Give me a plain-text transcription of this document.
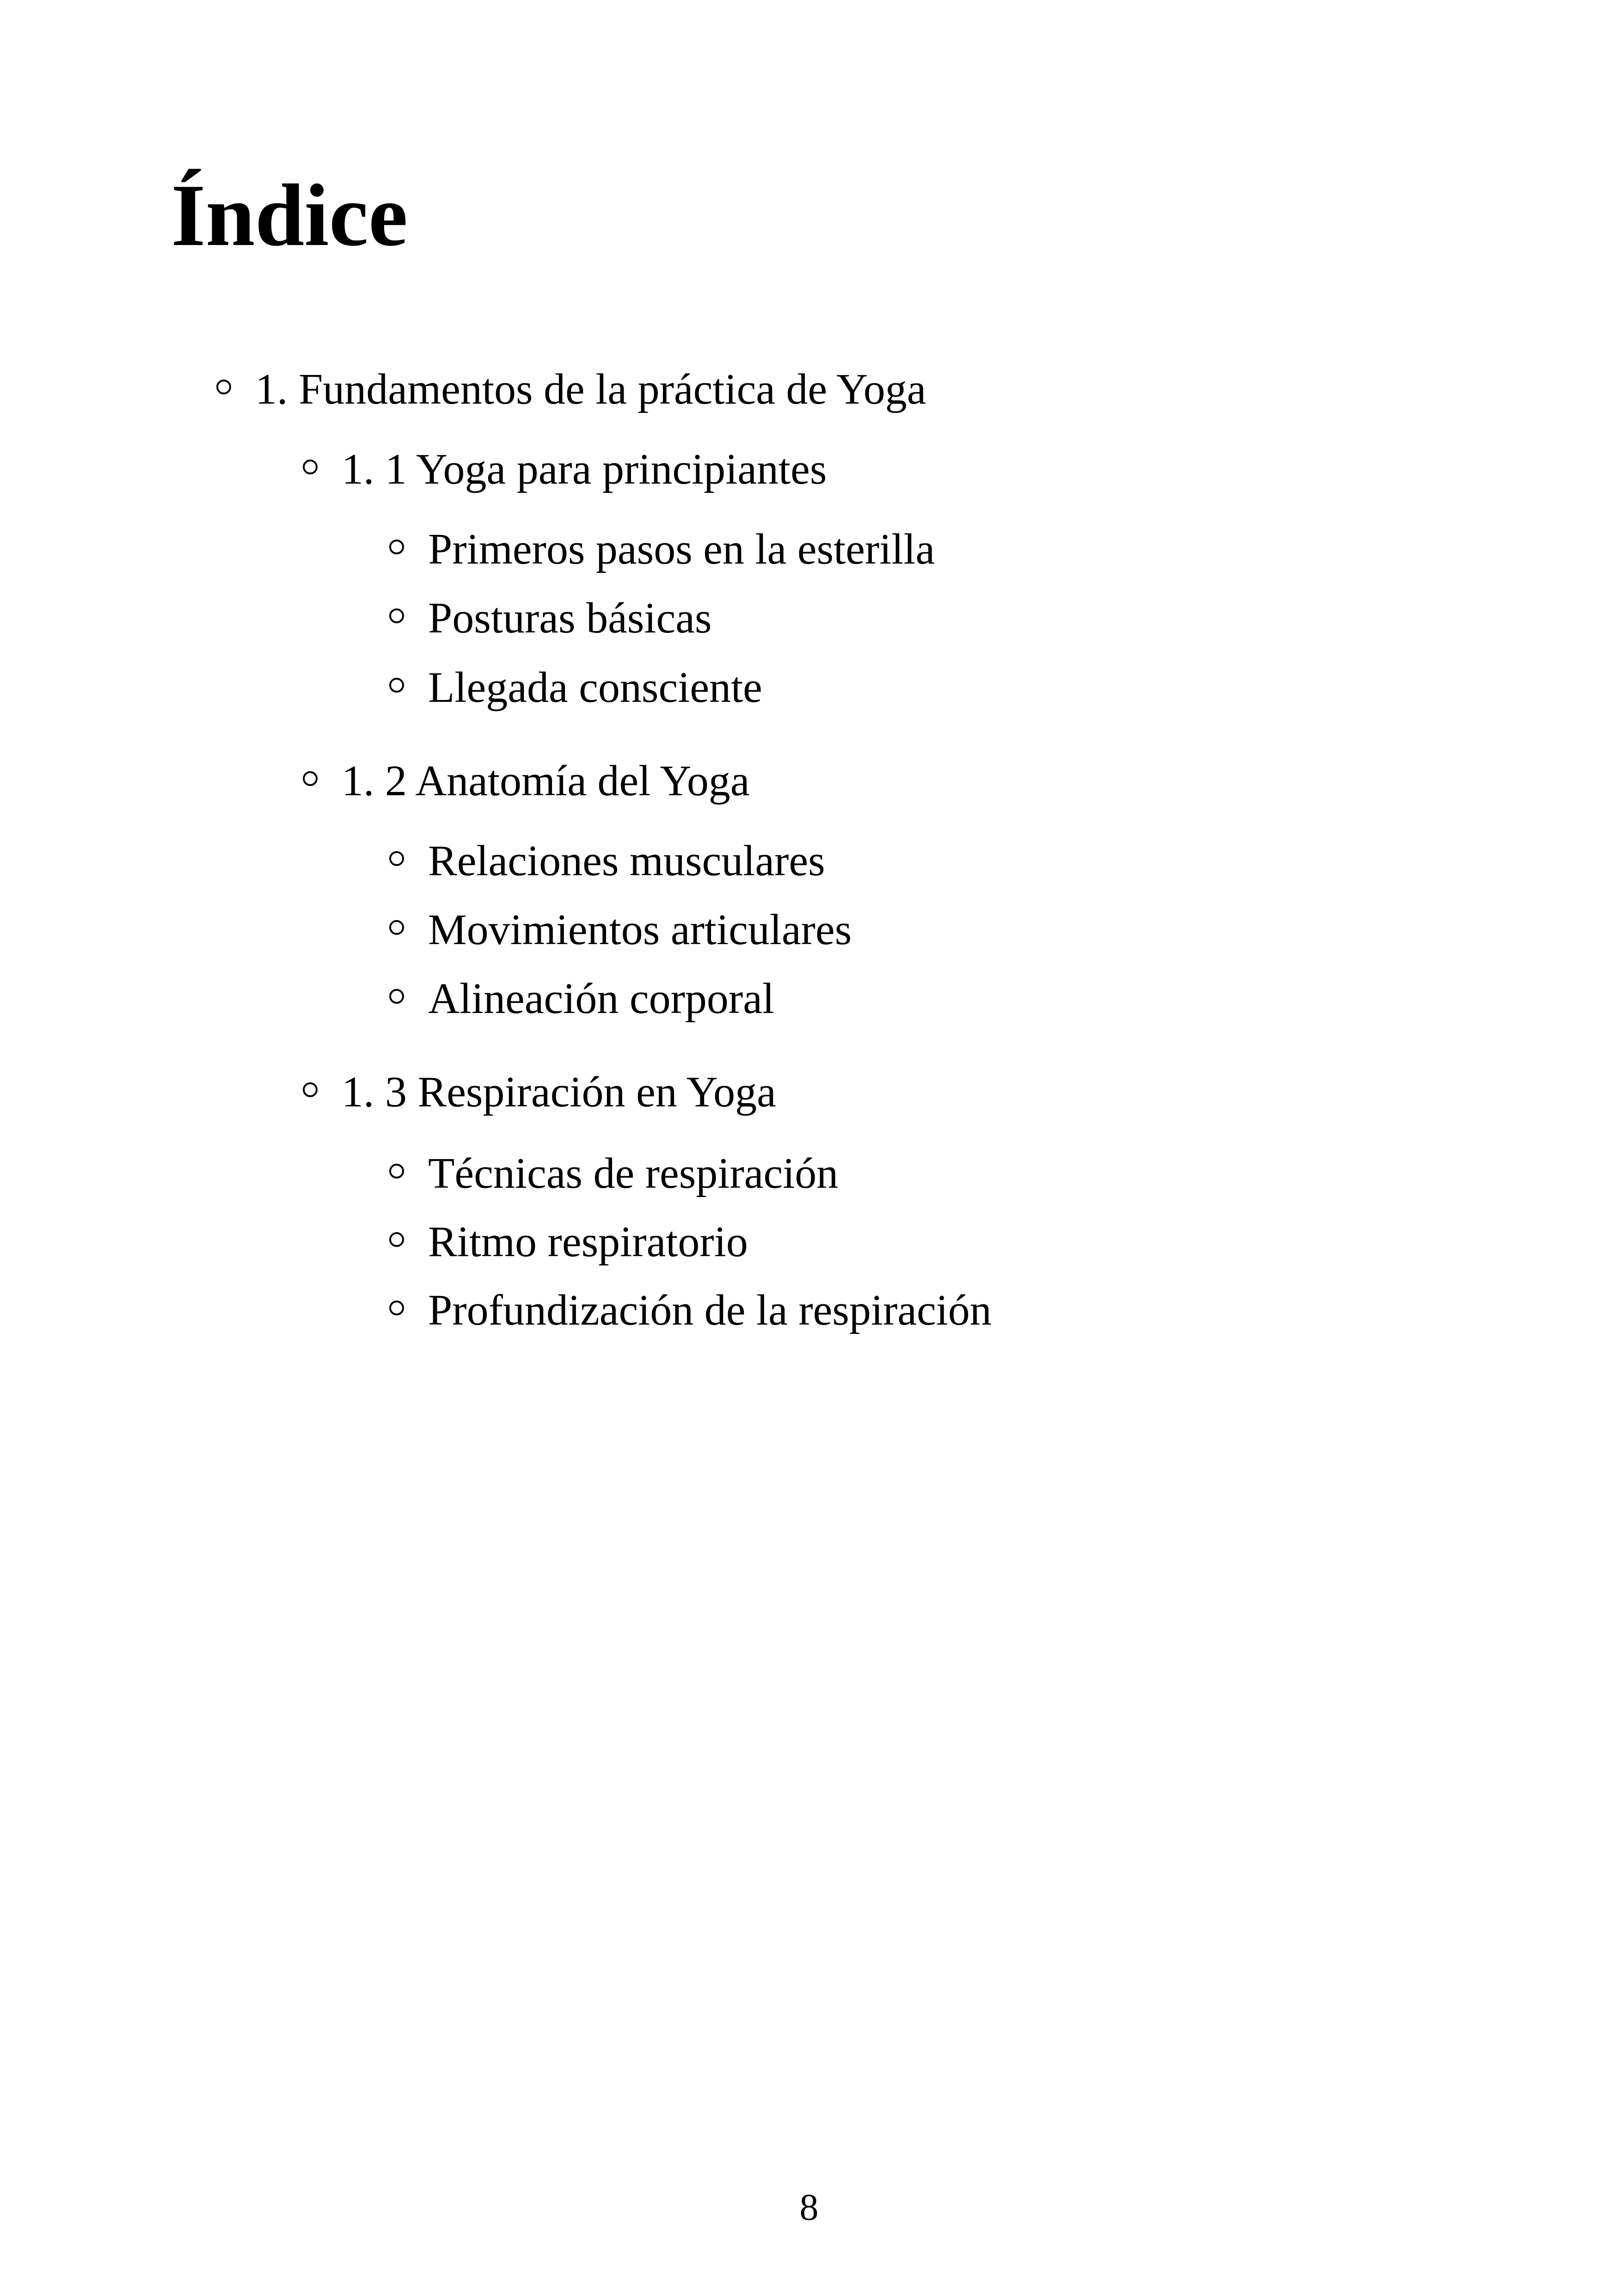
Índice
1. Fundamentos de la práctica de Yoga
1. 1 Yoga para principiantes
Primeros pasos en la esterilla
Posturas básicas
Llegada consciente
1. 2 Anatomía del Yoga
Relaciones musculares
Movimientos articulares
Alineación corporal
1. 3 Respiración en Yoga
Técnicas de respiración
Ritmo respiratorio
Profundización de la respiración
8
